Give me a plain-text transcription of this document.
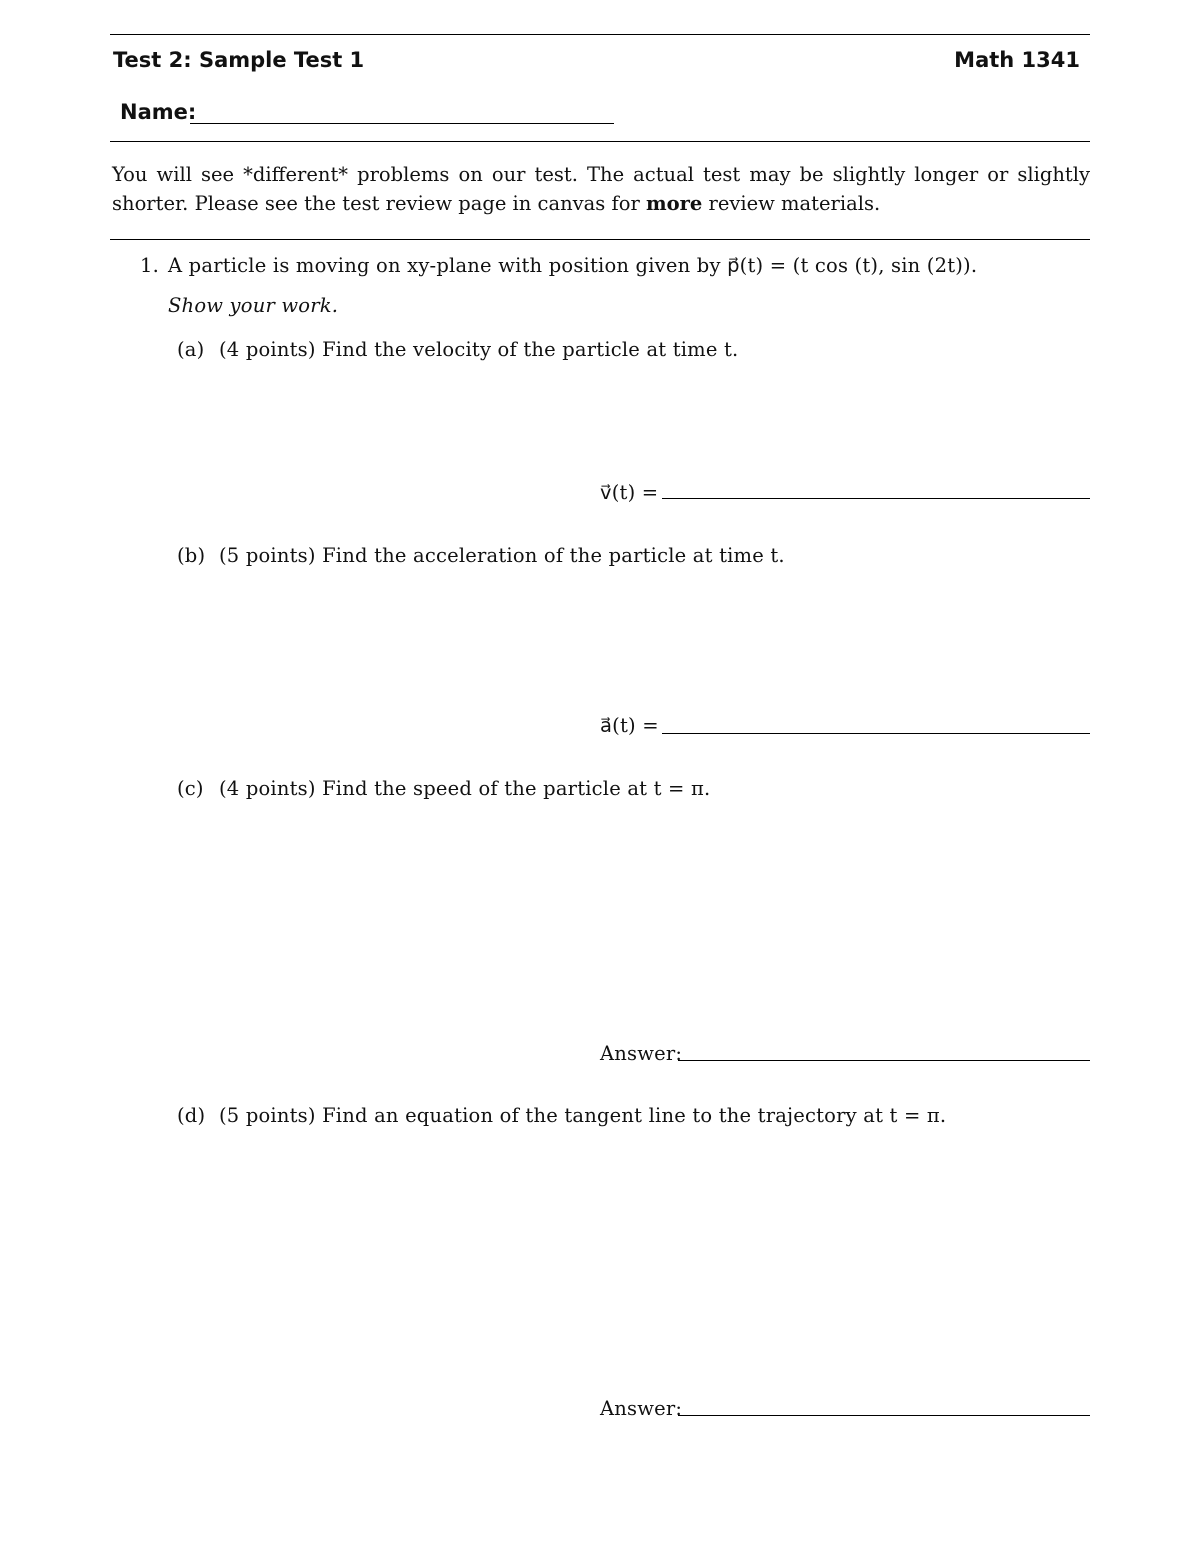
Test 2: Sample Test 1	Math 1341
Name:
You will see *different* problems on our test. The actual test may be slightly longer or slightly shorter. Please see the test review page in canvas for more review materials.
1. A particle is moving on xy-plane with position given by p⃗(t) = (t cos (t), sin (2t)).
Show your work.
(a) (4 points) Find the velocity of the particle at time t.
v⃗(t) =
(b) (5 points) Find the acceleration of the particle at time t.
a⃗(t) =
(c) (4 points) Find the speed of the particle at t = π.
Answer:
(d) (5 points) Find an equation of the tangent line to the trajectory at t = π.
Answer:
